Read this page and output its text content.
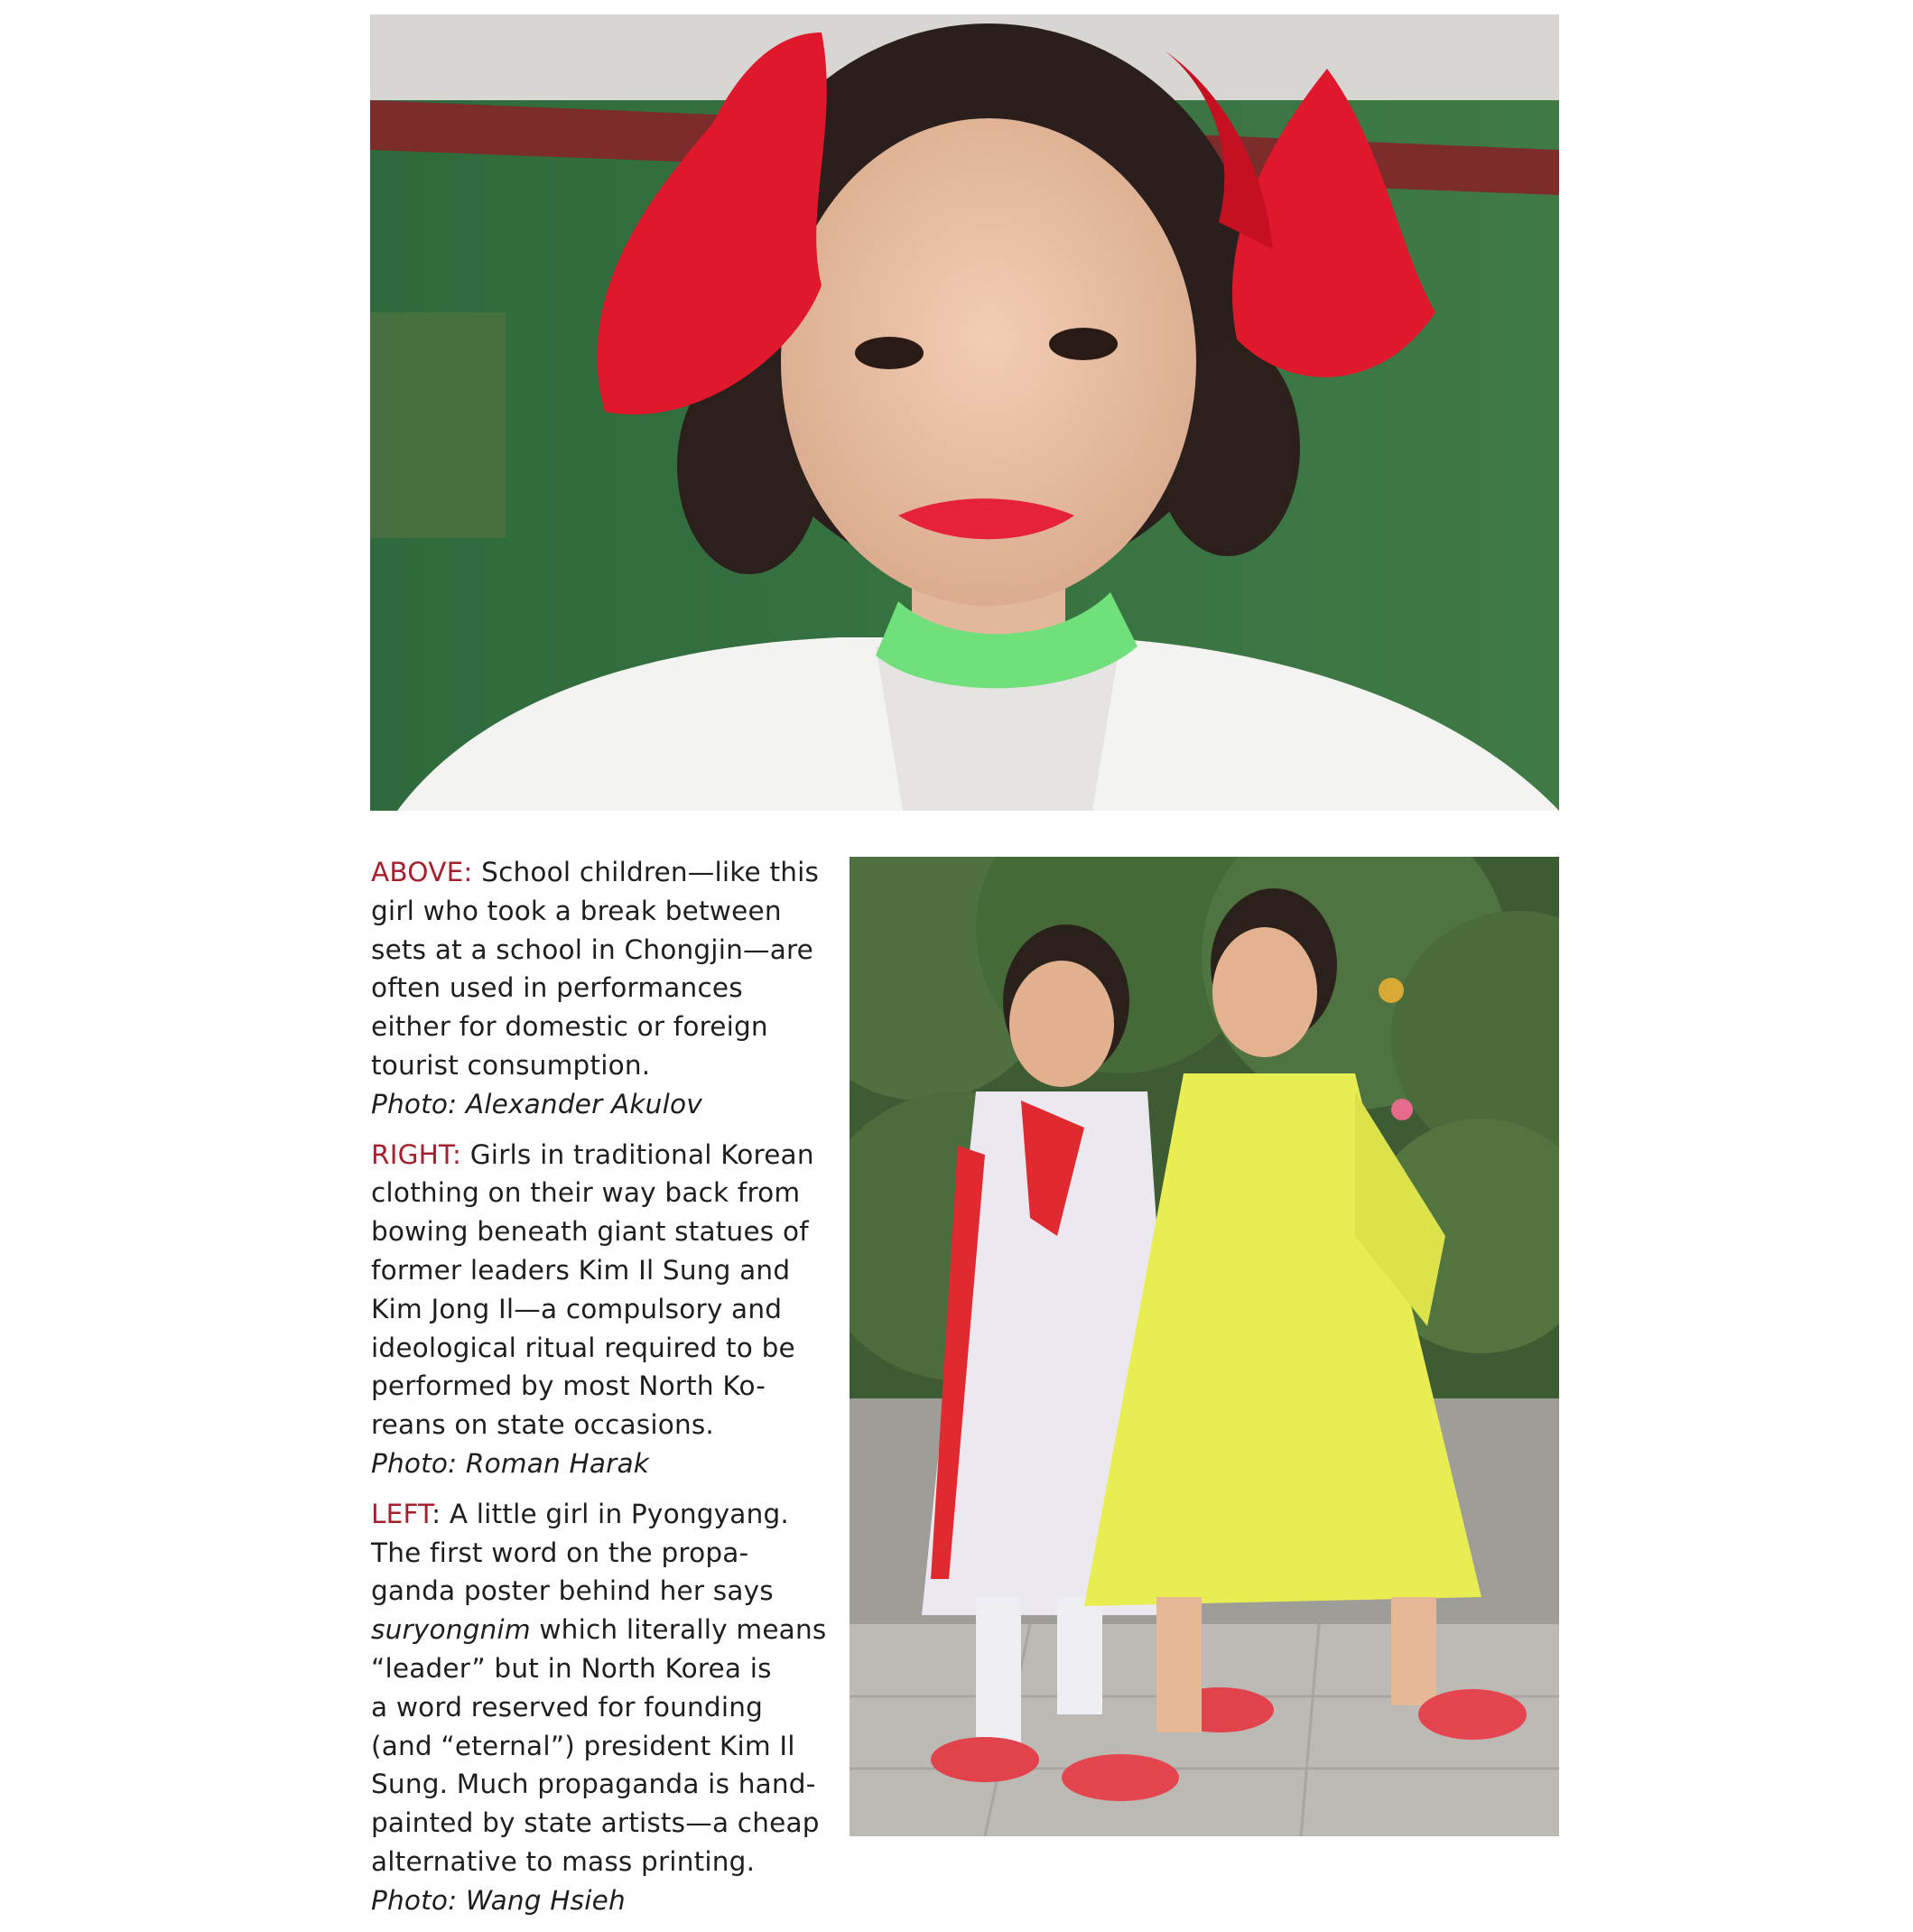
ABOVE: School children—like this
girl who took a break between
sets at a school in Chongjin—are
often used in performances
either for domestic or foreign
tourist consumption.
Photo: Alexander Akulov

RIGHT: Girls in traditional Korean
clothing on their way back from
bowing beneath giant statues of
former leaders Kim Il Sung and
Kim Jong Il—a compulsory and
ideological ritual required to be
performed by most North Ko-
reans on state occasions.
Photo: Roman Harak

LEFT: A little girl in Pyongyang.
The first word on the propa-
ganda poster behind her says
suryongnim which literally means
“leader” but in North Korea is
a word reserved for founding
(and “eternal”) president Kim Il
Sung. Much propaganda is hand-
painted by state artists—a cheap
alternative to mass printing.
Photo: Wang Hsieh
